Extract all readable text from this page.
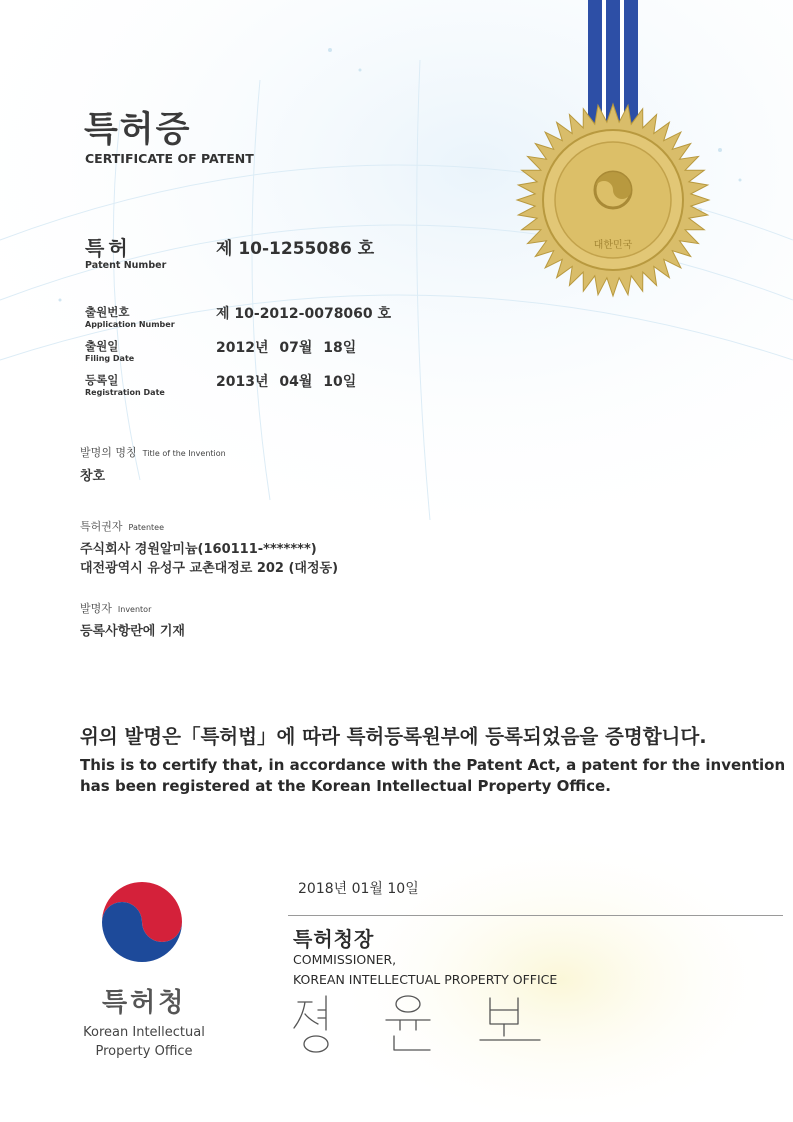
대한민국
특허증
CERTIFICATE OF PATENT
특허
Patent Number
제 10-1255086 호
출원번호
Application Number
제 10-2012-0078060 호
출원일
Filing Date
2012년 07월 18일
등록일
Registration Date
2013년 04월 10일
발명의 명칭 Title of the Invention
창호
특허권자 Patentee
주식회사 경원알미늄(160111-*******)
대전광역시 유성구 교촌대정로 202 (대정동)
발명자 Inventor
등록사항란에 기재
위의 발명은「특허법」에 따라 특허등록원부에 등록되었음을 증명합니다.
This is to certify that, in accordance with the Patent Act, a patent for the invention
has been registered at the Korean Intellectual Property Office.
특허청
Korean Intellectual
Property Office
2018년 01월 10일
특허청장
COMMISSIONER,
KOREAN INTELLECTUAL PROPERTY OFFICE
